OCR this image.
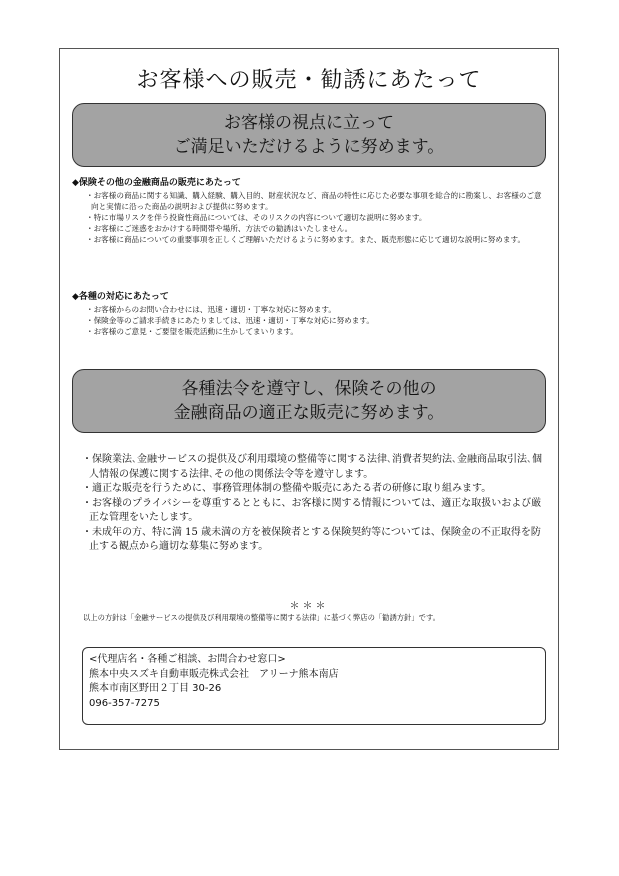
お客様への販売・勧誘にあたって
お客様の視点に立って
ご満足いただけるように努めます。

◆保険その他の金融商品の販売にあたって

・お客様の商品に関する知識、購入経験、購入目的、財産状況など、商品の特性に応じた必要な事項を総合的に勘案し、お客様のご意向と実情に沿った商品の説明および提供に努めます。
・特に市場リスクを伴う投資性商品については、そのリスクの内容について適切な説明に努めます。
・お客様にご迷惑をおかけする時間帯や場所、方法での勧誘はいたしません。
・お客様に商品についての重要事項を正しくご理解いただけるように努めます。また、販売形態に応じて適切な説明に努めます。

◆各種の対応にあたって

・お客様からのお問い合わせには、迅速・適切・丁寧な対応に努めます。
・保険金等のご請求手続きにあたりましては、迅速・適切・丁寧な対応に努めます。
・お客様のご意見・ご要望を販売活動に生かしてまいります。
各種法令を遵守し、保険その他の
金融商品の適正な販売に努めます。
・保険業法､金融サービスの提供及び利用環境の整備等に関する法律､消費者契約法､金融商品取引法､個人情報の保護に関する法律､その他の関係法令等を遵守します。
・適正な販売を行うために、事務管理体制の整備や販売にあたる者の研修に取り組みます。
・お客様のプライバシーを尊重するとともに、お客様に関する情報については、適正な取扱いおよび厳正な管理をいたします。
・未成年の方、特に満 15 歳未満の方を被保険者とする保険契約等については、保険金の不正取得を防止する観点から適切な募集に努めます。
＊＊＊
以上の方針は「金融サービスの提供及び利用環境の整備等に関する法律」に基づく弊店の「勧誘方針」です。
<代理店名・各種ご相談、お問合わせ窓口>
熊本中央スズキ自動車販売株式会社　アリーナ熊本南店
熊本市南区野田２丁目 30-26
096-357-7275
